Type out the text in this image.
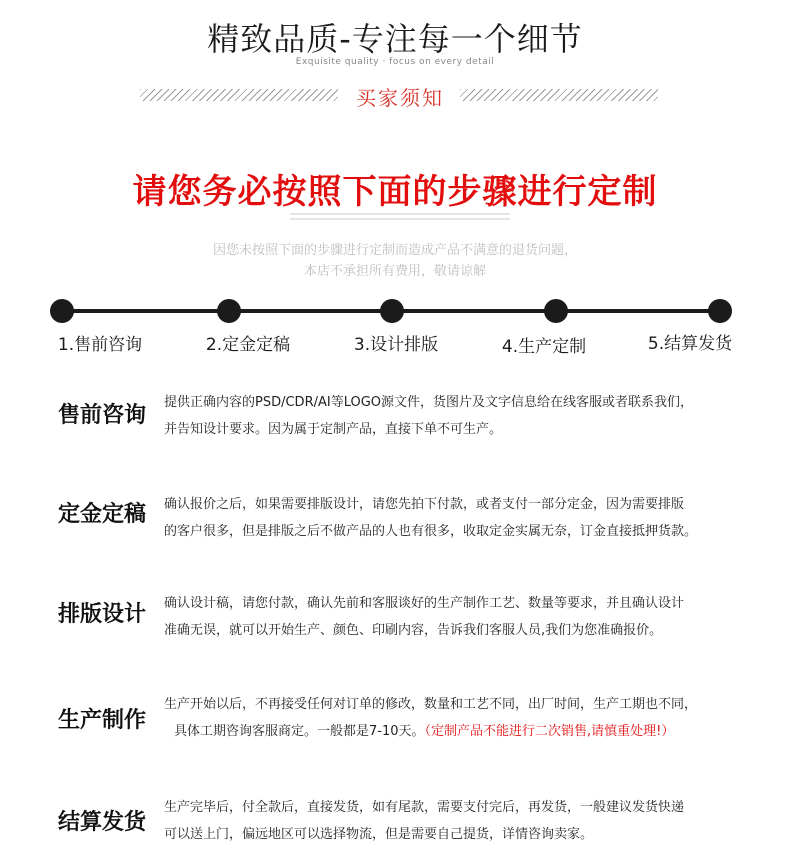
精致品质-专注每一个细节
Exquisite quality · focus on every detail
买家须知
请您务必按照下面的步骤进行定制
因您未按照下面的步骤进行定制而造成产品不满意的退货问题，
本店不承担所有费用，敬请谅解
1.售前咨询	2.定金定稿	3.设计排版	4.生产定制	5.结算发货
售前咨询
提供正确内容的PSD/CDR/AI等LOGO源文件，货图片及文字信息给在线客服或者联系我们，
并告知设计要求。因为属于定制产品，直接下单不可生产。
定金定稿 确认报价之后，如果需要排版设计，请您先拍下付款，或者支付一部分定金，因为需要排版
的客户很多，但是排版之后不做产品的人也有很多，收取定金实属无奈，订金直接抵押货款。
排版设计 确认设计稿，请您付款，确认先前和客服谈好的生产制作工艺、数量等要求，并且确认设计
准确无误，就可以开始生产、颜色、印刷内容，告诉我们客服人员,我们为您准确报价。
生产制作
生产开始以后，不再接受任何对订单的修改，数量和工艺不同，出厂时间，生产工期也不同，
具体工期咨询客服商定。一般都是7-10天。（定制产品不能进行二次销售,请慎重处理!）
结算发货
生产完毕后，付全款后，直接发货，如有尾款，需要支付完后，再发货，一般建议发货快递
可以送上门，偏远地区可以选择物流，但是需要自己提货，详情咨询卖家。
